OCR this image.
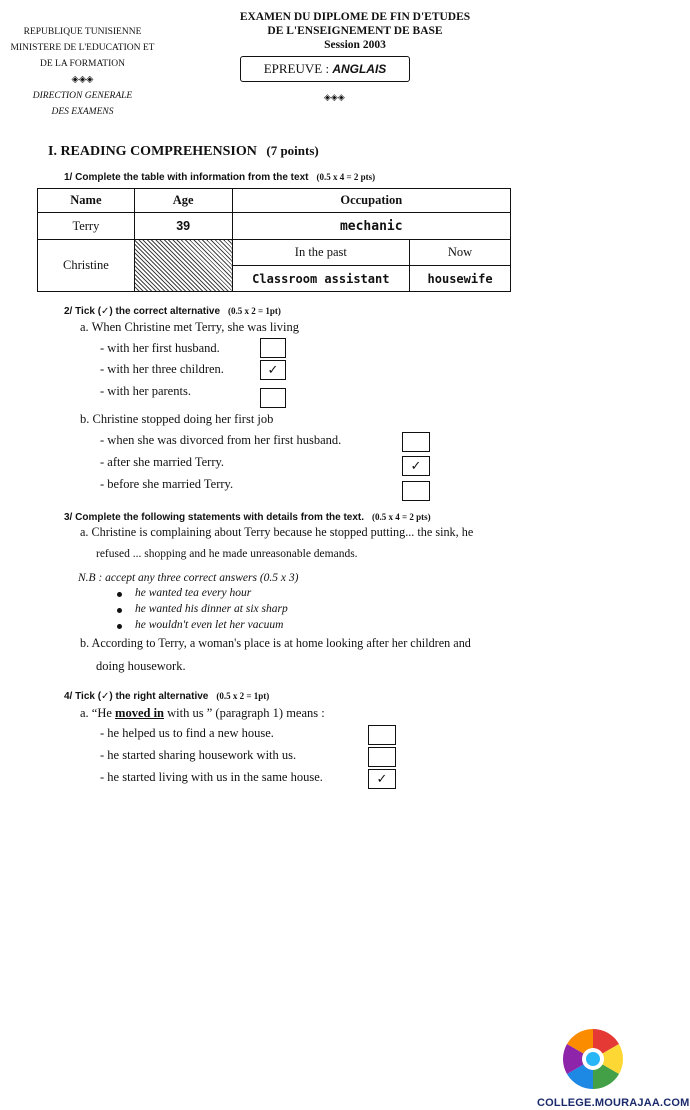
REPUBLIQUE TUNISIENNE
MINISTERE DE L'EDUCATION ET
DE LA FORMATION
◈◈◈
DIRECTION GENERALE
DES EXAMENS
EXAMEN DU DIPLOME DE FIN D'ETUDES
DE L'ENSEIGNEMENT DE BASE
Session 2003
EPREUVE : ANGLAIS
◈◈◈
I. READING COMPREHENSION (7 points)
1/ Complete the table with information from the text (0.5 x 4 = 2 pts)
Name	Age	Occupation	
Terry	39	mechanic	
Christine		In the past	Now
		Classroom assistant	housewife
2/ Tick (✓) the correct alternative (0.5 x 2 = 1pt)
a. When Christine met Terry, she was living
- with her first husband.
- with her three children.
- with her parents.
✓
b. Christine stopped doing her first job
- when she was divorced from her first husband.
- after she married Terry.
- before she married Terry.
✓
3/ Complete the following statements with details from the text. (0.5 x 4 = 2 pts)
a. Christine is complaining about Terry because he stopped putting... the sink, he
refused ... shopping and he made unreasonable demands.
N.B : accept any three correct answers (0.5 x 3)
he wanted tea every hour
he wanted his dinner at six sharp
he wouldn't even let her vacuum
b. According to Terry, a woman's place is at home looking after her children and
doing housework.
4/ Tick (✓) the right alternative (0.5 x 2 = 1pt)
a. “He moved in with us ” (paragraph 1) means :
- he helped us to find a new house.
- he started sharing housework with us.
- he started living with us in the same house.	✓
COLLEGE.MOURAJAA.COM
